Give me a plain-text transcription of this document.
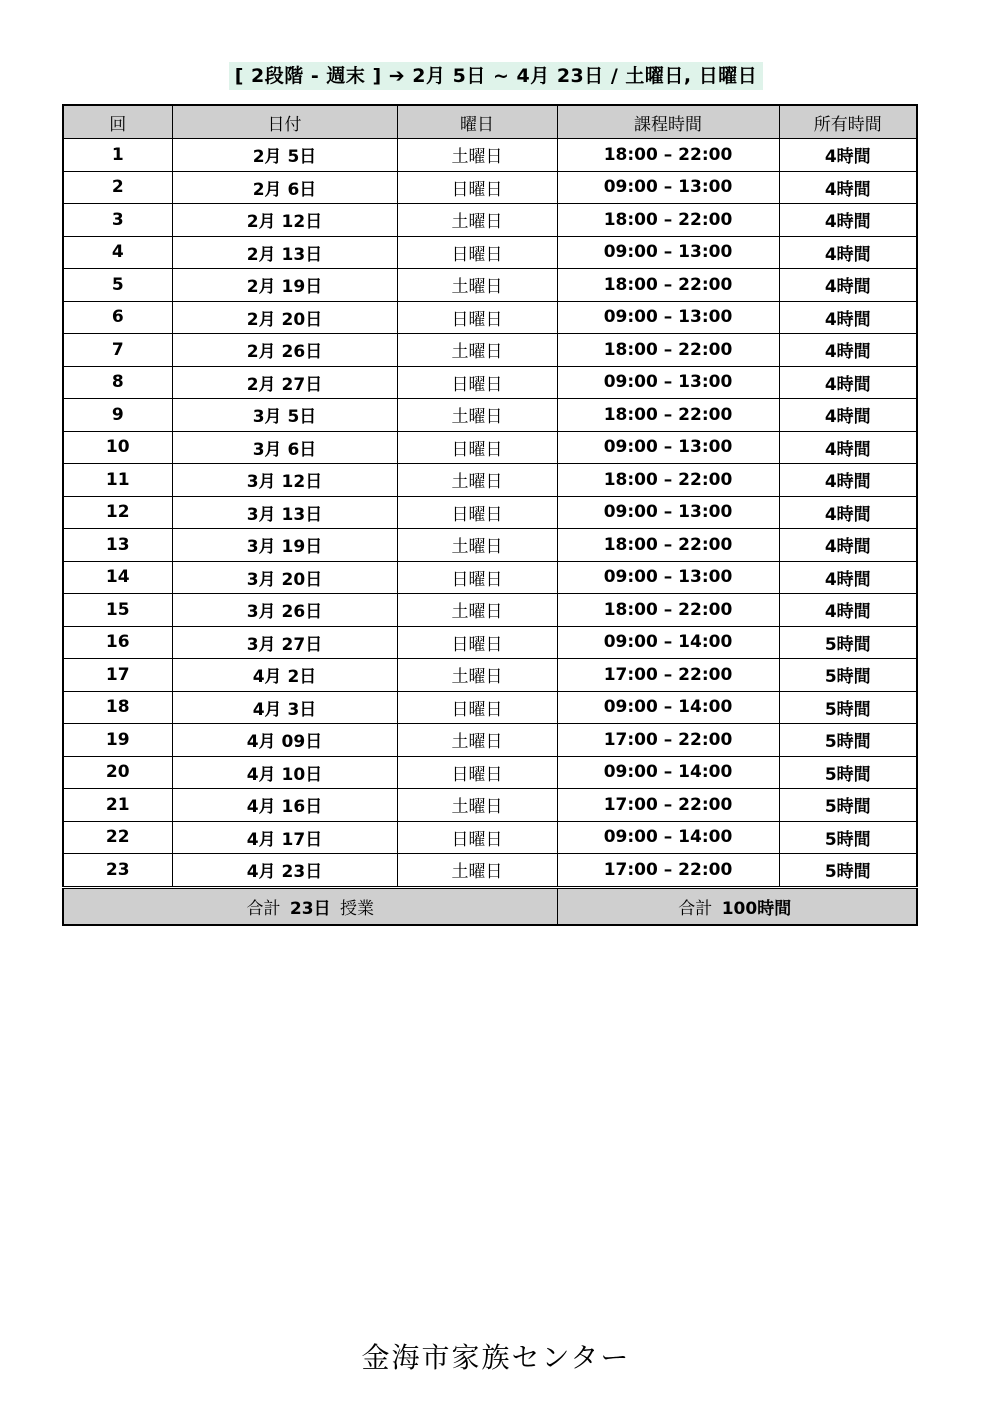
[ 2段階 - 週末 ] ➔ 2月 5日 ~ 4月 23日 / 土曜日, 日曜日
回	日付	曜日	課程時間	所有時間
1	2月 5日	土曜日	18:00 – 22:00	4時間
2	2月 6日	日曜日	09:00 – 13:00	4時間
3	2月 12日	土曜日	18:00 – 22:00	4時間
4	2月 13日	日曜日	09:00 – 13:00	4時間
5	2月 19日	土曜日	18:00 – 22:00	4時間
6	2月 20日	日曜日	09:00 – 13:00	4時間
7	2月 26日	土曜日	18:00 – 22:00	4時間
8	2月 27日	日曜日	09:00 – 13:00	4時間
9	3月 5日	土曜日	18:00 – 22:00	4時間
10	3月 6日	日曜日	09:00 – 13:00	4時間
11	3月 12日	土曜日	18:00 – 22:00	4時間
12	3月 13日	日曜日	09:00 – 13:00	4時間
13	3月 19日	土曜日	18:00 – 22:00	4時間
14	3月 20日	日曜日	09:00 – 13:00	4時間
15	3月 26日	土曜日	18:00 – 22:00	4時間
16	3月 27日	日曜日	09:00 – 14:00	5時間
17	4月 2日	土曜日	17:00 – 22:00	5時間
18	4月 3日	日曜日	09:00 – 14:00	5時間
19	4月 09日	土曜日	17:00 – 22:00	5時間
20	4月 10日	日曜日	09:00 – 14:00	5時間
21	4月 16日	土曜日	17:00 – 22:00	5時間
22	4月 17日	日曜日	09:00 – 14:00	5時間
23	4月 23日	土曜日	17:00 – 22:00	5時間
合計 23日 授業			合計 100時間	
金海市家族センター
